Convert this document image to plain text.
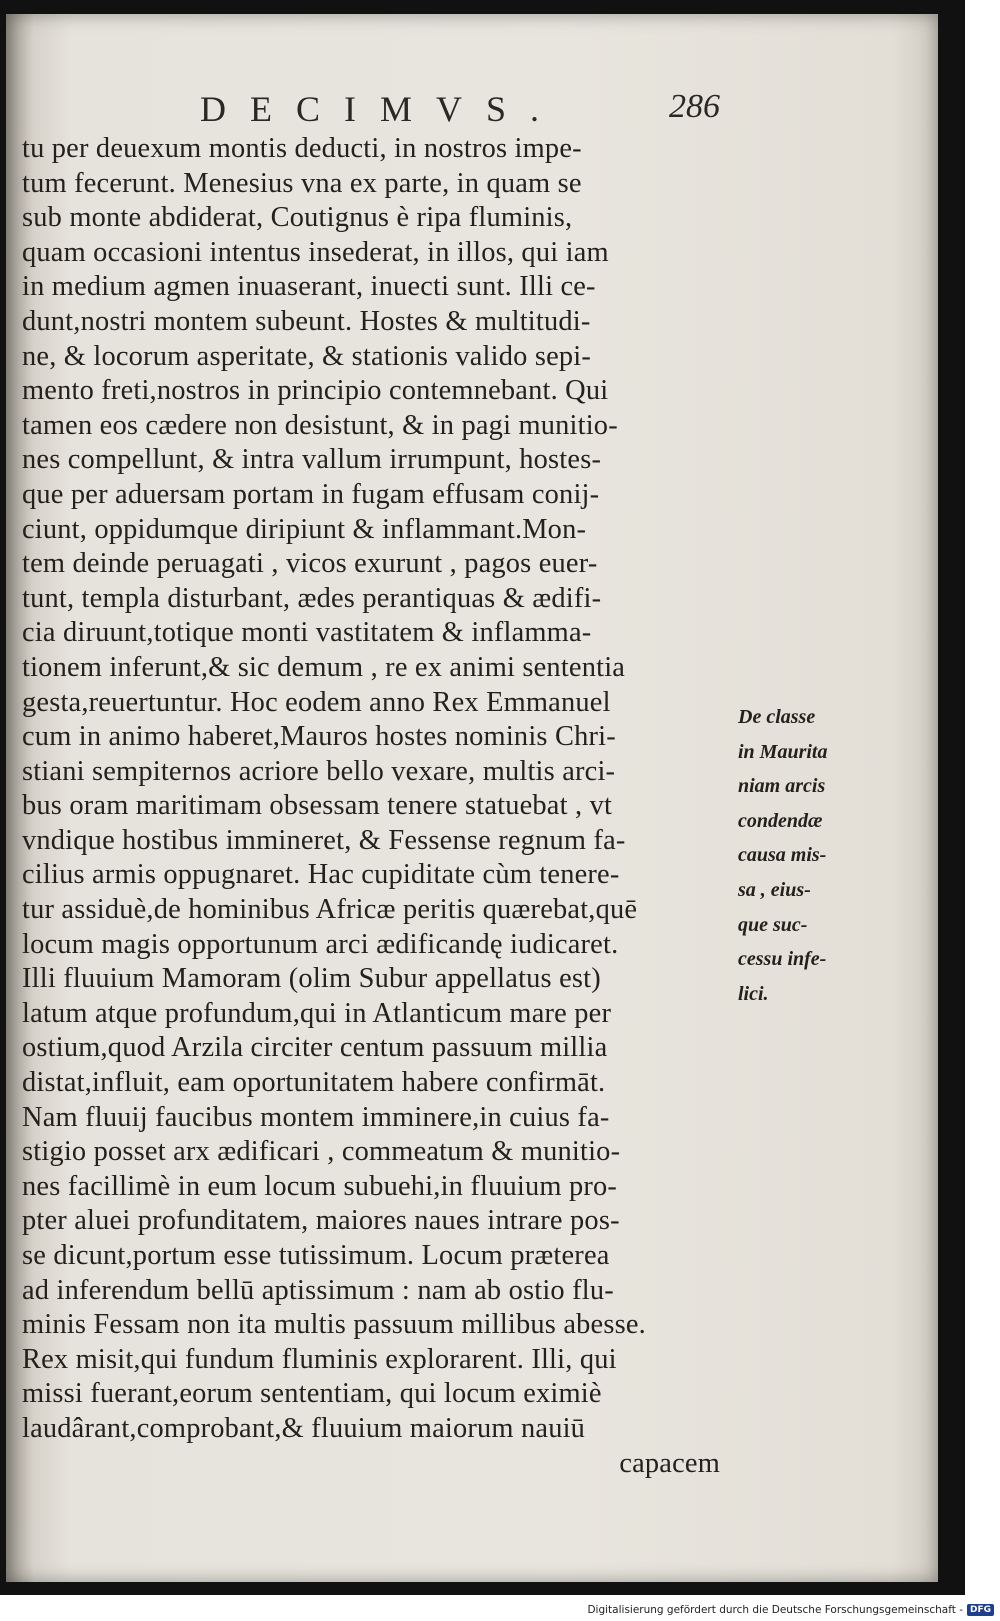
DECIMVS.	286
tu per deuexum montis deducti, in nostros impe-
tum fecerunt. Menesius vna ex parte, in quam se
sub monte abdiderat, Coutignus è ripa fluminis,
quam occasioni intentus insederat, in illos, qui iam
in medium agmen inuaserant, inuecti sunt. Illi ce-
dunt,nostri montem subeunt. Hostes & multitudi-
ne, & locorum asperitate, & stationis valido sepi-
mento freti,nostros in principio contemnebant. Qui
tamen eos cædere non desistunt, & in pagi munitio-
nes compellunt, & intra vallum irrumpunt, hostes-
que per aduersam portam in fugam effusam conij-
ciunt, oppidumque diripiunt & inflammant.Mon-
tem deinde peruagati , vicos exurunt , pagos euer-
tunt, templa disturbant, ædes perantiquas & ædifi-
cia diruunt,totique monti vastitatem & inflamma-
tionem inferunt,& sic demum , re ex animi sententia
gesta,reuertuntur. Hoc eodem anno Rex Emmanuel
cum in animo haberet,Mauros hostes nominis Chri-
stiani sempiternos acriore bello vexare, multis arci-
bus oram maritimam obsessam tenere statuebat , vt
vndique hostibus immineret, & Fessense regnum fa-
cilius armis oppugnaret. Hac cupiditate cùm tenere-
tur assiduè,de hominibus Africæ peritis quærebat,quē
locum magis opportunum arci ædificandę iudicaret.
Illi fluuium Mamoram (olim Subur appellatus est)
latum atque profundum,qui in Atlanticum mare per
ostium,quod Arzila circiter centum passuum millia
distat,influit, eam oportunitatem habere confirmāt.
Nam fluuij faucibus montem imminere,in cuius fa-
stigio posset arx ædificari , commeatum & munitio-
nes facillimè in eum locum subuehi,in fluuium pro-
pter aluei profunditatem, maiores naues intrare pos-
se dicunt,portum esse tutissimum. Locum præterea
ad inferendum bellū aptissimum : nam ab ostio flu-
minis Fessam non ita multis passuum millibus abesse.
Rex misit,qui fundum fluminis explorarent. Illi, qui
missi fuerant,eorum sententiam, qui locum eximiè
laudârant,comprobant,& fluuium maiorum nauiū
capacem
De classe
in Maurita
niam arcis
condendæ
causa mis-
sa , eius-
que suc-
cessu infe-
lici.
Digitalisierung gefördert durch die Deutsche Forschungsgemeinschaft - DFG
